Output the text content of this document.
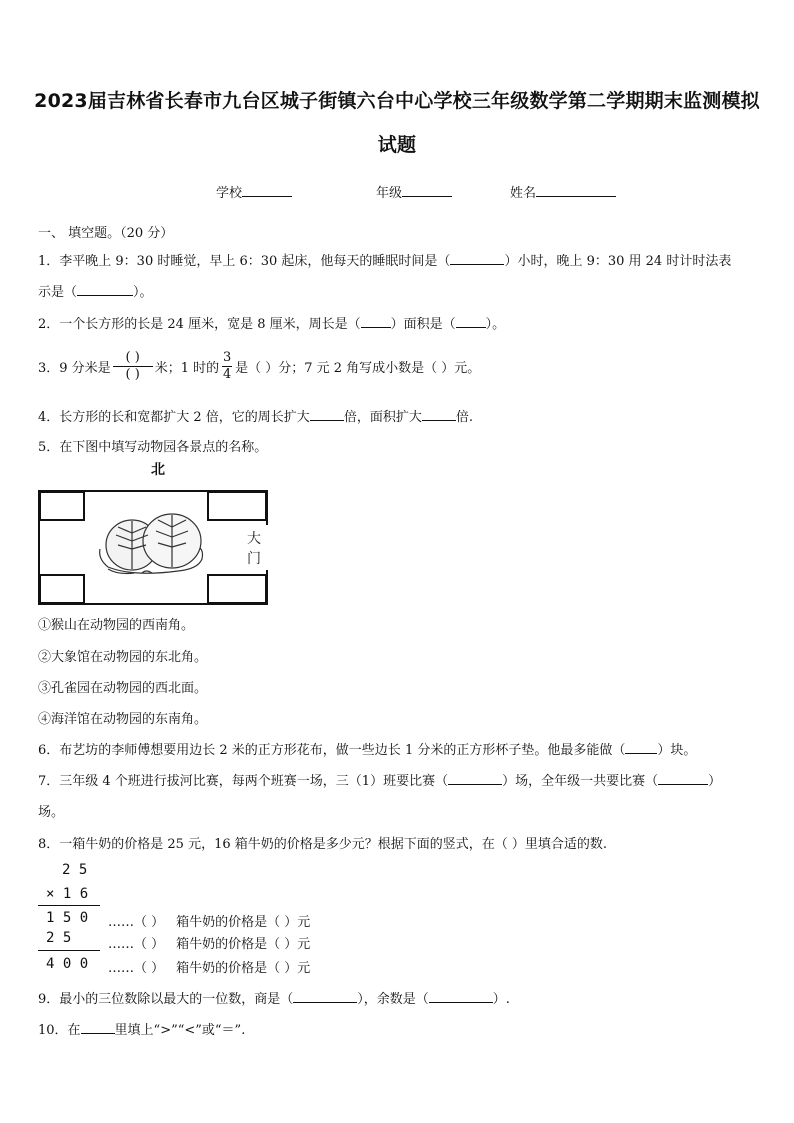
2023届吉林省长春市九台区城子街镇六台中心学校三年级数学第二学期期末监测模拟
试题
学校	年级	姓名
一、 填空题。（20 分）
1．李平晚上 9：30 时睡觉，早上 6：30 起床，他每天的睡眠时间是（	）小时，晚上 9：30 用 24 时计时法表
示是（	）。
2．一个长方形的长是 24 厘米，宽是 8 厘米，周长是（ ）面积是（ ）。
3．9 分米是 $\frac{( )}{( )}$ 米；1 时的 $\frac{3}{4}$ 是（ ）分；7 元 2 角写成小数是（ ）元。
4．长方形的长和宽都扩大 2 倍，它的周长扩大	倍，面积扩大	倍.
5．在下图中填写动物园各景点的名称。
北
大门
①猴山在动物园的西南角。
②大象馆在动物园的东北角。
③孔雀园在动物园的西北面。
④海洋馆在动物园的东南角。
6．布艺坊的李师傅想要用边长 2 米的正方形花布，做一些边长 1 分米的正方形杯子垫。他最多能做（ ）块。
7．三年级 4 个班进行拔河比赛，每两个班赛一场，三（1）班要比赛（	）场，全年级一共要比赛（	）
场。
8．一箱牛奶的价格是 25 元，16 箱牛奶的价格是多少元？根据下面的竖式，在（ ）里填合适的数.
2 5
× 1 6
1 5 0
2 5
4 0 0
……（ ） 箱牛奶的价格是（ ）元
……（ ） 箱牛奶的价格是（ ）元
……（ ） 箱牛奶的价格是（ ）元
9．最小的三位数除以最大的一位数，商是（	），余数是（	）.
10．在	里填上“>”“<”或“＝”.
